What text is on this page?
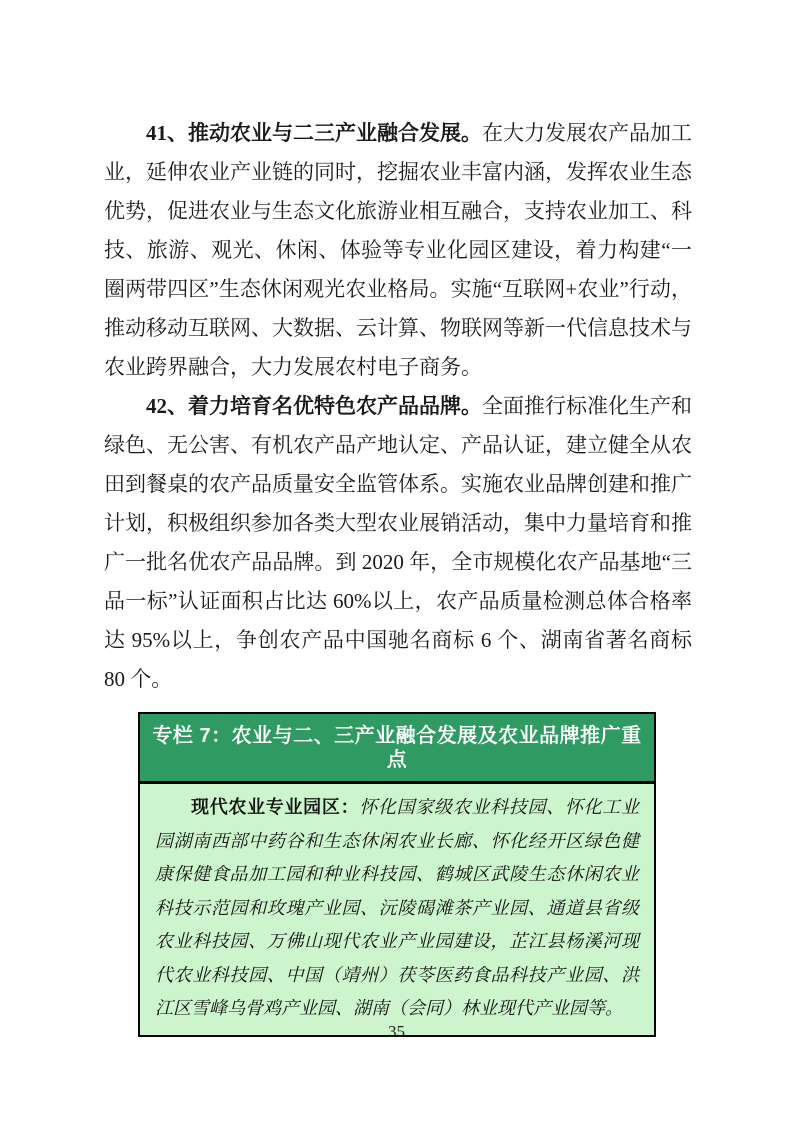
41、推动农业与二三产业融合发展。在大力发展农产品加工业，延伸农业产业链的同时，挖掘农业丰富内涵，发挥农业生态优势，促进农业与生态文化旅游业相互融合，支持农业加工、科技、旅游、观光、休闲、体验等专业化园区建设，着力构建“一圈两带四区”生态休闲观光农业格局。实施“互联网+农业”行动，推动移动互联网、大数据、云计算、物联网等新一代信息技术与农业跨界融合，大力发展农村电子商务。

42、着力培育名优特色农产品品牌。全面推行标准化生产和绿色、无公害、有机农产品产地认定、产品认证，建立健全从农田到餐桌的农产品质量安全监管体系。实施农业品牌创建和推广计划，积极组织参加各类大型农业展销活动，集中力量培育和推广一批名优农产品品牌。到 2020 年，全市规模化农产品基地“三品一标”认证面积占比达 60%以上，农产品质量检测总体合格率达 95%以上，争创农产品中国驰名商标 6 个、湖南省著名商标 80 个。

专栏 7：农业与二、三产业融合发展及农业品牌推广重点
现代农业专业园区：怀化国家级农业科技园、怀化工业园湖南西部中药谷和生态休闲农业长廊、怀化经开区绿色健康保健食品加工园和种业科技园、鹤城区武陵生态休闲农业科技示范园和玫瑰产业园、沅陵碣滩茶产业园、通道县省级农业科技园、万佛山现代农业产业园建设，芷江县杨溪河现代农业科技园、中国（靖州）茯苓医药食品科技产业园、洪江区雪峰乌骨鸡产业园、湖南（会同）林业现代产业园等。
35
